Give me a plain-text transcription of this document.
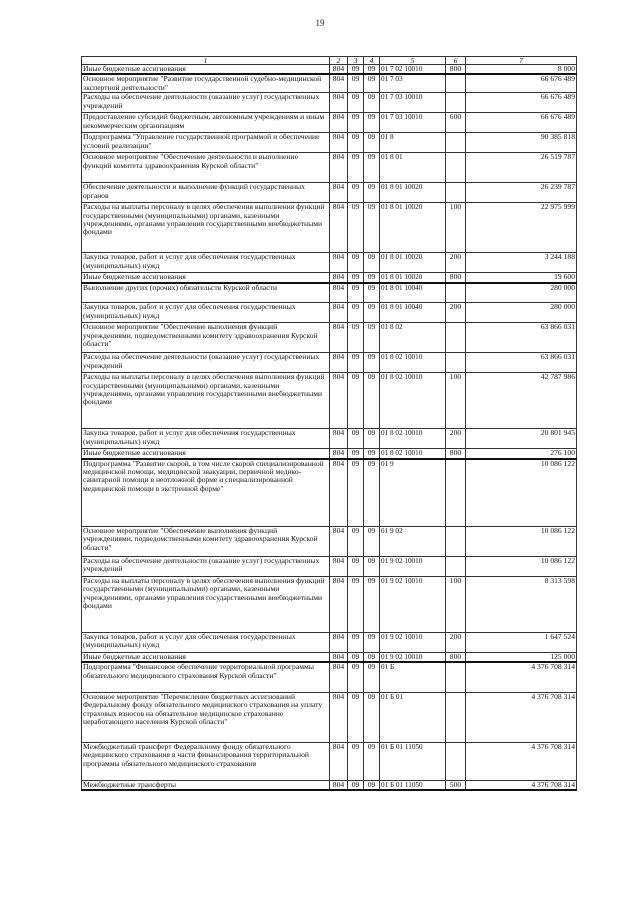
19
1	2	3	4	5	6	7
Иные бюджетные ассигнования	804	09	09	01 7 02 10010	800	8 000
Основное мероприятие "Развитие государственной судебно-медицинской экспертной деятельности"	804	09	09	01 7 03		66 676 489
Расходы на обеспечение деятельности (оказание услуг) государственных учреждений	804	09	09	01 7 03 10010		66 676 489
Предоставление субсидий бюджетным, автономным учреждениям и иным некоммерческим организациям	804	09	09	01 7 03 10010	600	66 676 489
Подпрограмма "Управление государственной программой и обеспечение условий реализации"	804	09	09	01 8		90 385 818
Основное мероприятие "Обеспечение деятельности и выполнение функций комитета здравоохранения Курской области"	804	09	09	01 8 01		26 519 787
Обеспечение деятельности и выполнение функций государственных органов	804	09	09	01 8 01 10020		26 239 787
Расходы на выплаты персоналу в целях обеспечения выполнения функций государственными (муниципальными) органами, казенными учреждениями, органами управления государственными внебюджетными фондами	804	09	09	01 8 01 10020	100	22 975 999
Закупка товаров, работ и услуг для обеспечения государственных (муниципальных) нужд	804	09	09	01 8 01 10020	200	3 244 188
Иные бюджетные ассигнования	804	09	09	01 8 01 10020	800	19 600
Выполнение других (прочих) обязательств Курской области	804	09	09	01 8 01 10040		280 000
Закупка товаров, работ и услуг для обеспечения государственных (муниципальных) нужд	804	09	09	01 8 01 10040	200	280 000
Основное мероприятие "Обеспечение выполнения функций учреждениями, подведомственными комитету здравоохранения Курской области"	804	09	09	01 8 02		63 866 031
Расходы на обеспечение деятельности (оказание услуг) государственных учреждений	804	09	09	01 8 02 10010		63 866 031
Расходы на выплаты персоналу в целях обеспечения выполнения функций государственными (муниципальными) органами, казенными учреждениями, органами управления государственными внебюджетными фондами	804	09	09	01 8 02 10010	100	42 787 986
Закупка товаров, работ и услуг для обеспечения государственных (муниципальных) нужд	804	09	09	01 8 02 10010	200	20 801 945
Иные бюджетные ассигнования	804	09	09	01 8 02 10010	800	276 100
Подпрограмма "Развитие скорой, в том числе скорой специализированной медицинской помощи, медицинской эвакуации, первичной медико-санитарной помощи в неотложной форме и специализированной медицинской помощи в экстренной форме"	804	09	09	01 9		10 086 122
Основное мероприятие "Обеспечение выполнения функций учреждениями, подведомственными комитету здравоохранения Курской области"	804	09	09	01 9 02		10 086 122
Расходы на обеспечение деятельности (оказание услуг) государственных учреждений	804	09	09	01 9 02 10010		10 086 122
Расходы на выплаты персоналу в целях обеспечения выполнения функций государственными (муниципальными) органами, казенными учреждениями, органами управления государственными внебюджетными фондами	804	09	09	01 9 02 10010	100	8 313 598
Закупка товаров, работ и услуг для обеспечения государственных (муниципальных) нужд	804	09	09	01 9 02 10010	200	1 647 524
Иные бюджетные ассигнования	804	09	09	01 9 02 10010	800	125 000
Подпрограмма "Финансовое обеспечение территориальной программы обязательного медицинского страхования Курской области"	804	09	09	01 Б		4 376 708 314
Основное мероприятие "Перечисление бюджетных ассигнований Федеральному фонду обязательного медицинского страхования на уплату страховых взносов на обязательное медицинское страхование неработающего населения Курской области"	804	09	09	01 Б 01		4 376 708 314
Межбюджетный трансферт Федеральному фонду обязательного медицинского страхования в части финансирования территориальной программы обязательного медицинского страхования	804	09	09	01 Б 01 11050		4 376 708 314
Межбюджетные трансферты	804	09	09	01 Б 01 11050	500	4 376 708 314
